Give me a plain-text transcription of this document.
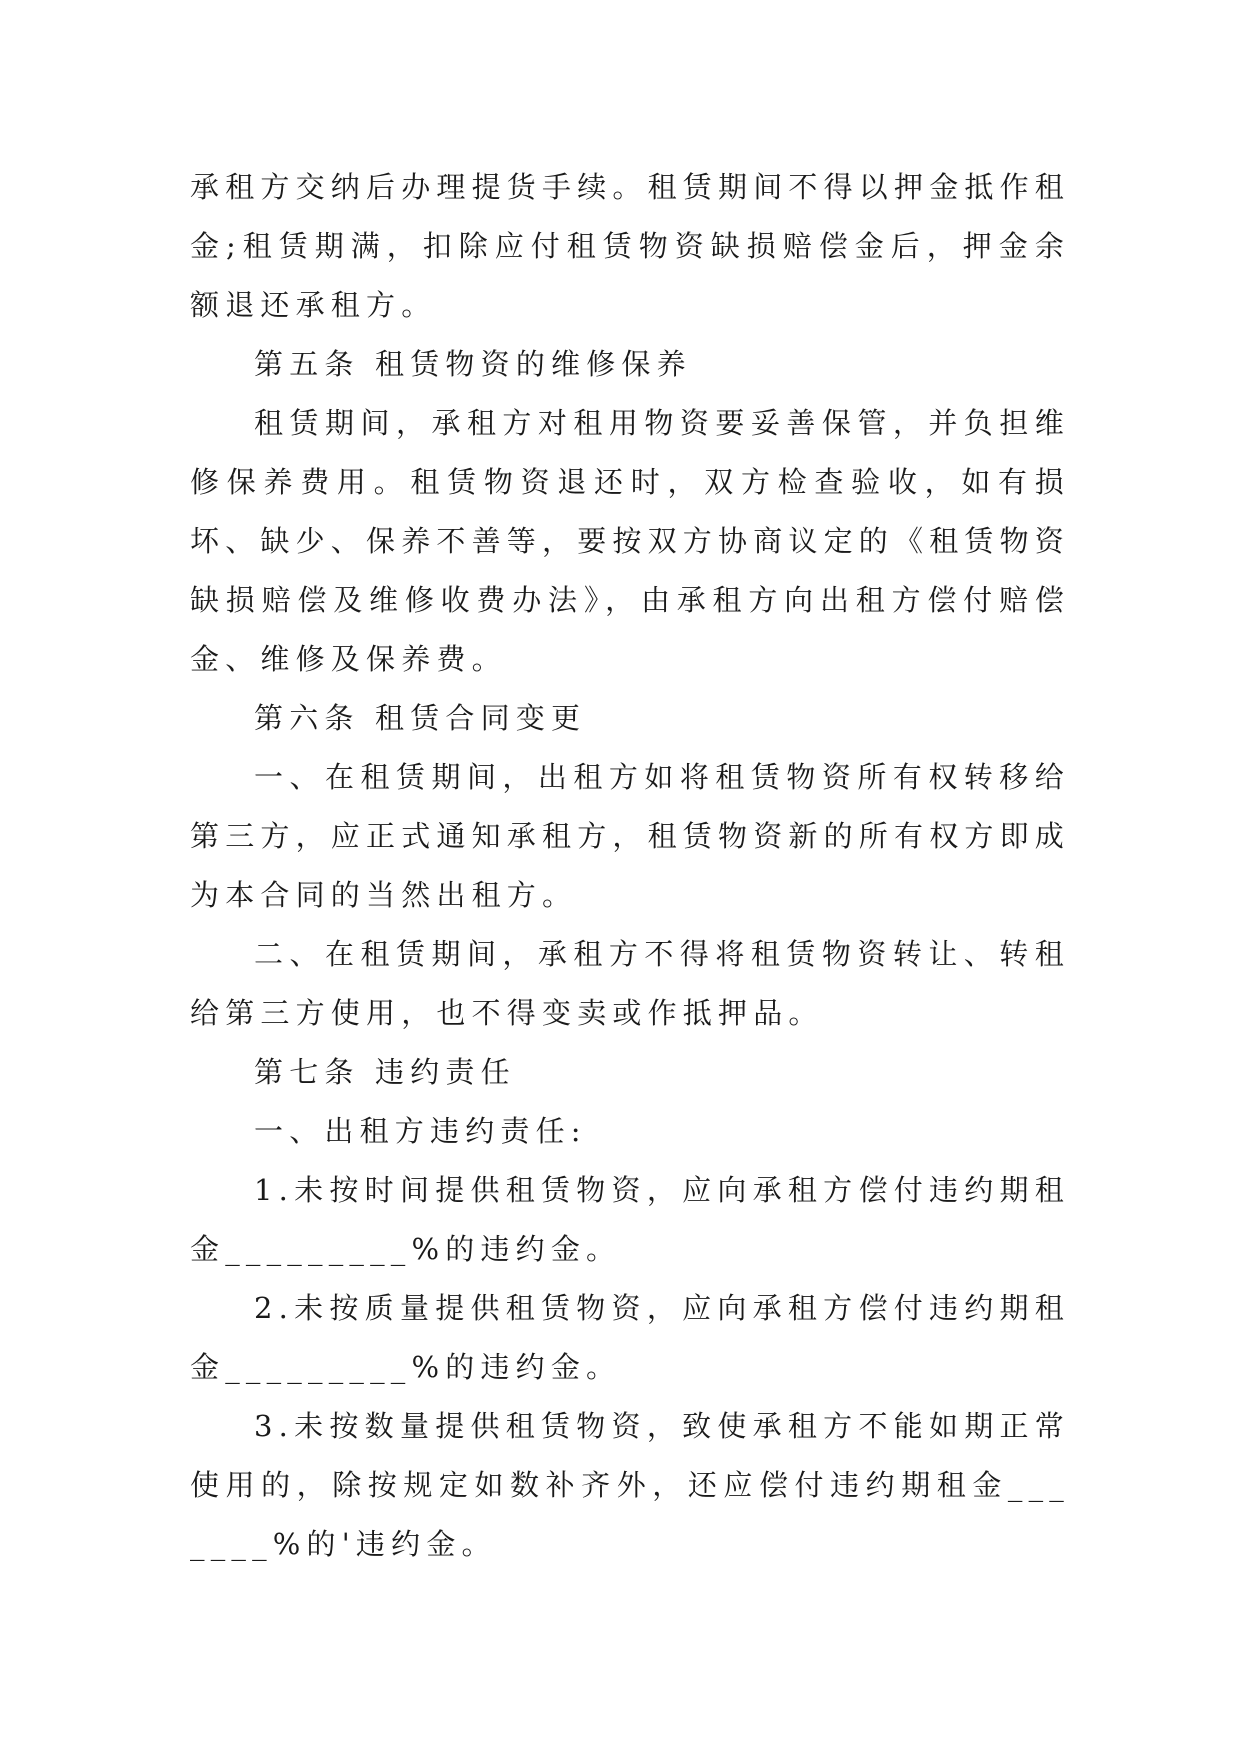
承租方交纳后办理提货手续。租赁期间不得以押金抵作租金;租赁期满，扣除应付租赁物资缺损赔偿金后，押金余额退还承租方。

第五条 租赁物资的维修保养

租赁期间，承租方对租用物资要妥善保管，并负担维修保养费用。租赁物资退还时，双方检查验收，如有损坏、缺少、保养不善等，要按双方协商议定的《租赁物资缺损赔偿及维修收费办法》，由承租方向出租方偿付赔偿金、维修及保养费。

第六条 租赁合同变更

一、在租赁期间，出租方如将租赁物资所有权转移给第三方，应正式通知承租方，租赁物资新的所有权方即成为本合同的当然出租方。

二、在租赁期间，承租方不得将租赁物资转让、转租给第三方使用，也不得变卖或作抵押品。

第七条 违约责任

一、出租方违约责任:

1.未按时间提供租赁物资，应向承租方偿付违约期租金_________%的违约金。

2.未按质量提供租赁物资，应向承租方偿付违约期租金_________%的违约金。

3.未按数量提供租赁物资，致使承租方不能如期正常使用的，除按规定如数补齐外，还应偿付违约期租金_______%的'违约金。
